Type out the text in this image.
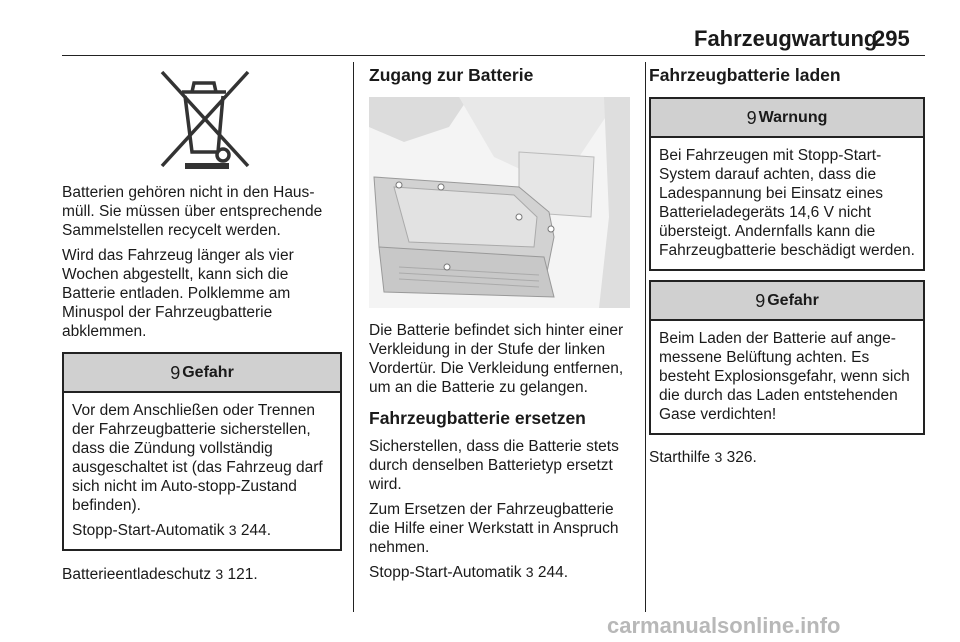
Fahrzeugwartung
295

Batterien gehören nicht in den Hausmüll. Sie müssen über entsprechende Sammelstellen recycelt werden.

Wird das Fahrzeug länger als vier Wochen abgestellt, kann sich die Batterie entladen. Polklemme am Minuspol der Fahrzeugbatterie abklemmen.

9 Gefahr

Vor dem Anschließen oder Trennen der Fahrzeugbatterie sicherstellen, dass die Zündung vollständig ausgeschaltet ist (das Fahrzeug darf sich nicht im Auto-stopp-Zustand befinden).

Stopp-Start-Automatik 3 244.

Batterieentladeschutz 3 121.

Zugang zur Batterie

Die Batterie befindet sich hinter einer Verkleidung in der Stufe der linken Vordertür. Die Verkleidung entfernen, um an die Batterie zu gelangen.

Fahrzeugbatterie ersetzen

Sicherstellen, dass die Batterie stets durch denselben Batterietyp ersetzt wird.

Zum Ersetzen der Fahrzeugbatterie die Hilfe einer Werkstatt in Anspruch nehmen.

Stopp-Start-Automatik 3 244.

Fahrzeugbatterie laden
9 Warnung

Bei Fahrzeugen mit Stopp-Start-System darauf achten, dass die Ladespannung bei Einsatz eines Batterieladegeräts 14,6 V nicht übersteigt. Andernfalls kann die Fahrzeugbatterie beschädigt werden.

9 Gefahr

Beim Laden der Batterie auf angemessene Belüftung achten. Es besteht Explosionsgefahr, wenn sich die durch das Laden entstehenden Gase verdichten!

Starthilfe 3 326.

carmanualsonline.info
